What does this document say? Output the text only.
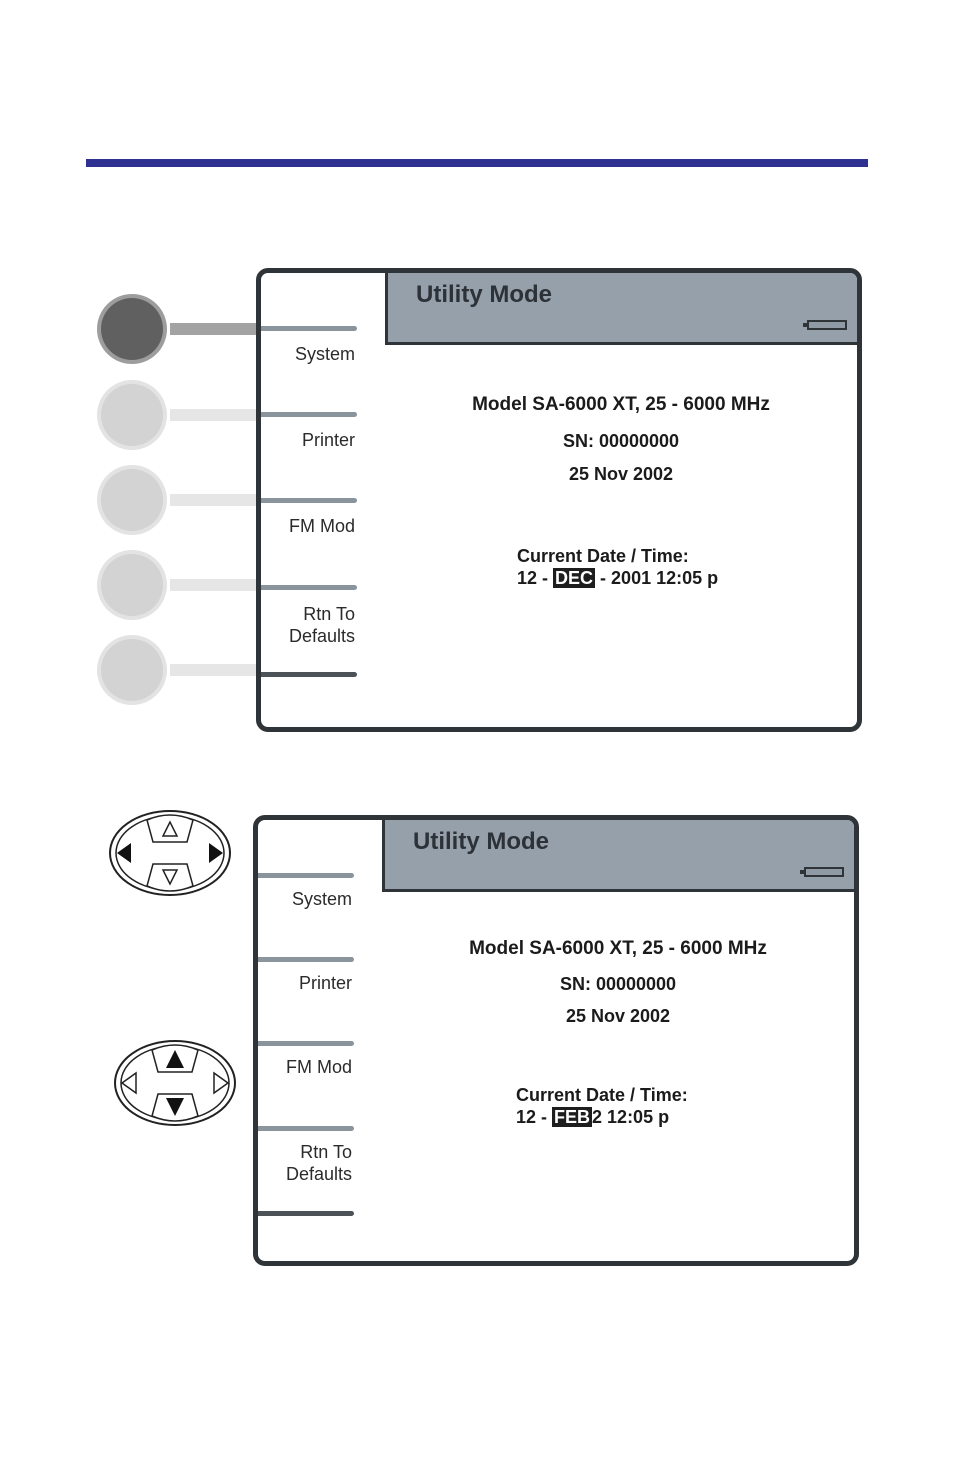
Utility Mode
System
Printer
FM Mod
Rtn To
Defaults
Model SA-6000 XT, 25 - 6000 MHz
SN: 00000000
25 Nov 2002
Current Date / Time:
12 - DEC - 2001 12:05 p
Utility Mode
System
Printer
FM Mod
Rtn To
Defaults
Model SA-6000 XT, 25 - 6000 MHz
SN: 00000000
25 Nov 2002
Current Date / Time:
12 - FEB 2 12:05 p
